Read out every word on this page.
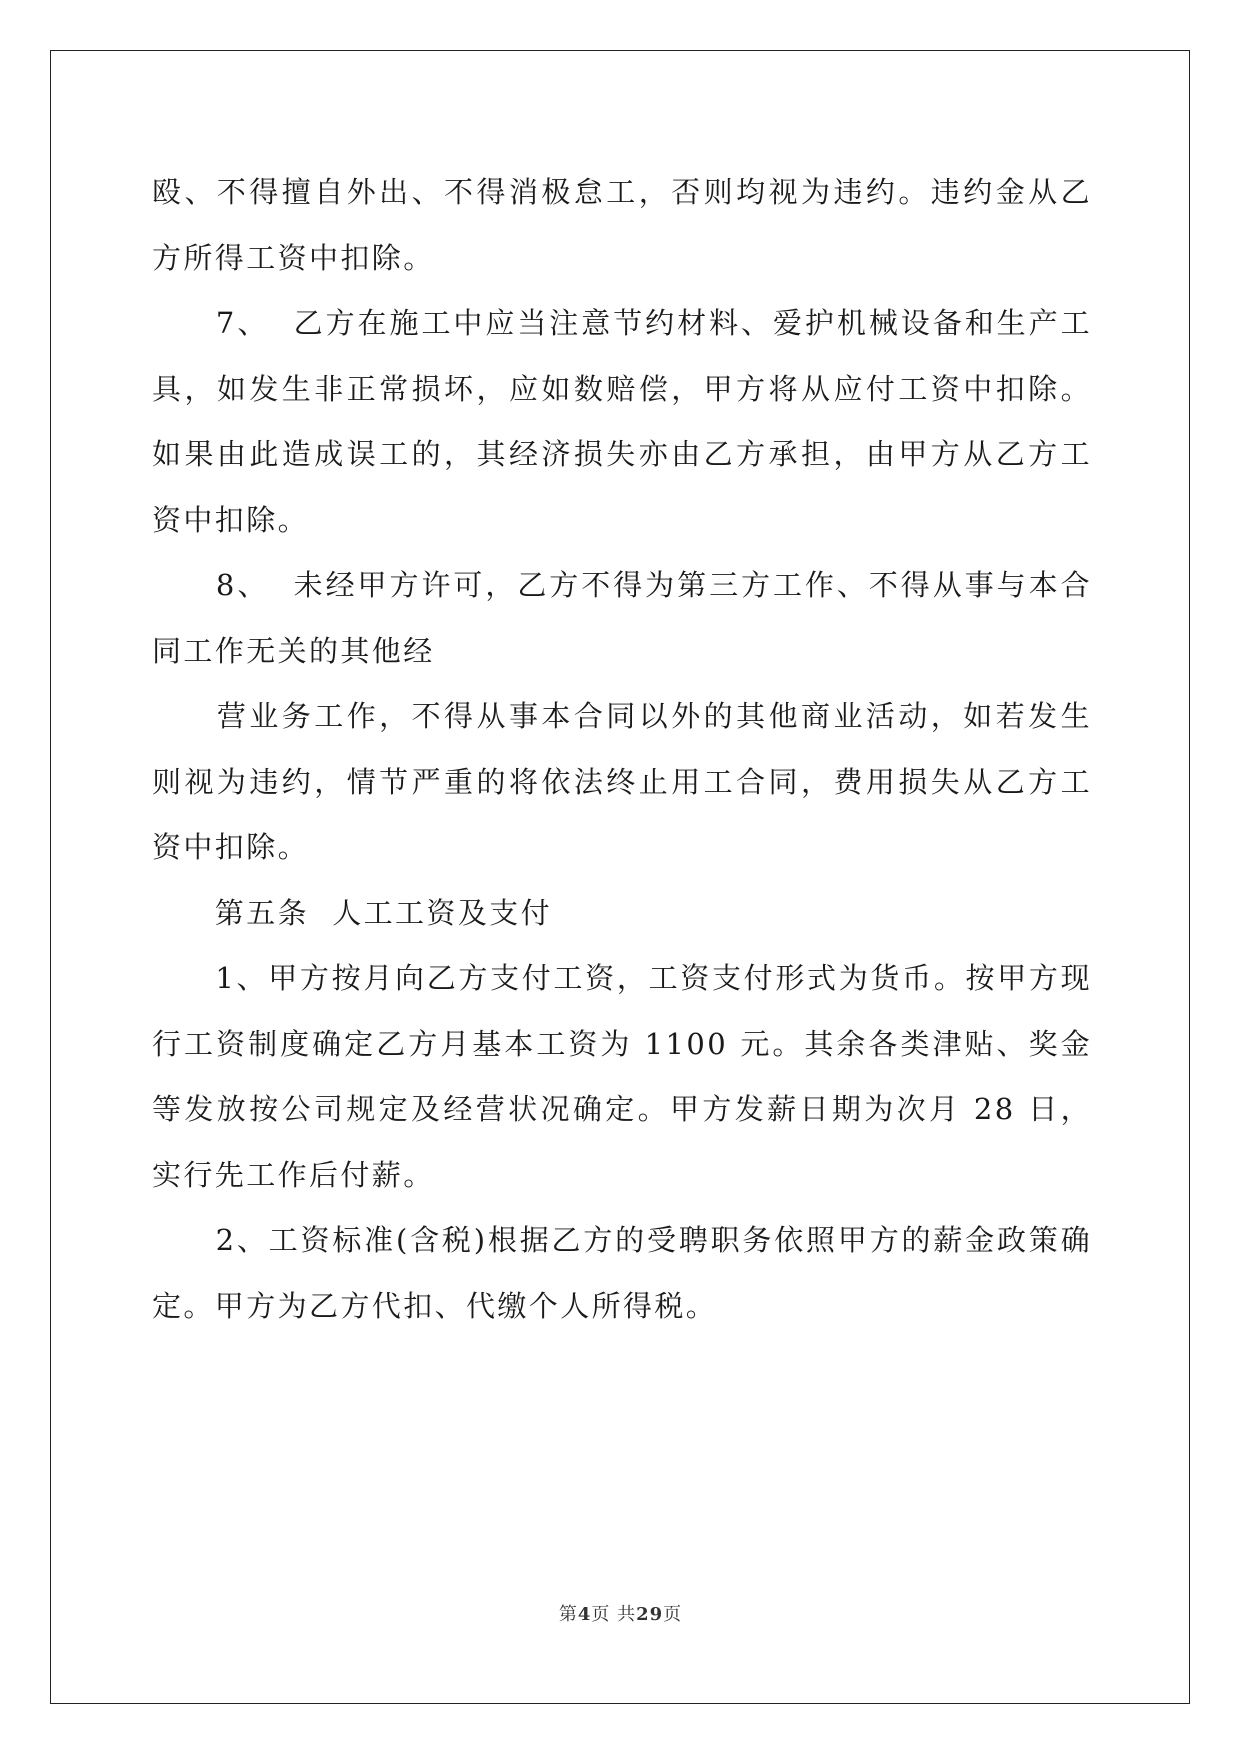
殴、不得擅自外出、不得消极怠工，否则均视为违约。违约金从乙方所得工资中扣除。

　　7、  乙方在施工中应当注意节约材料、爱护机械设备和生产工具，如发生非正常损坏，应如数赔偿，甲方将从应付工资中扣除。如果由此造成误工的，其经济损失亦由乙方承担，由甲方从乙方工资中扣除。

　　8、  未经甲方许可，乙方不得为第三方工作、不得从事与本合同工作无关的其他经

　　营业务工作，不得从事本合同以外的其他商业活动，如若发生则视为违约，情节严重的将依法终止用工合同，费用损失从乙方工资中扣除。

　　第五条  人工工资及支付

　　1、甲方按月向乙方支付工资，工资支付形式为货币。按甲方现行工资制度确定乙方月基本工资为 1100 元。其余各类津贴、奖金等发放按公司规定及经营状况确定。甲方发薪日期为次月 28 日，实行先工作后付薪。

　　2、工资标准(含税)根据乙方的受聘职务依照甲方的薪金政策确定。甲方为乙方代扣、代缴个人所得税。

第4页 共29页
